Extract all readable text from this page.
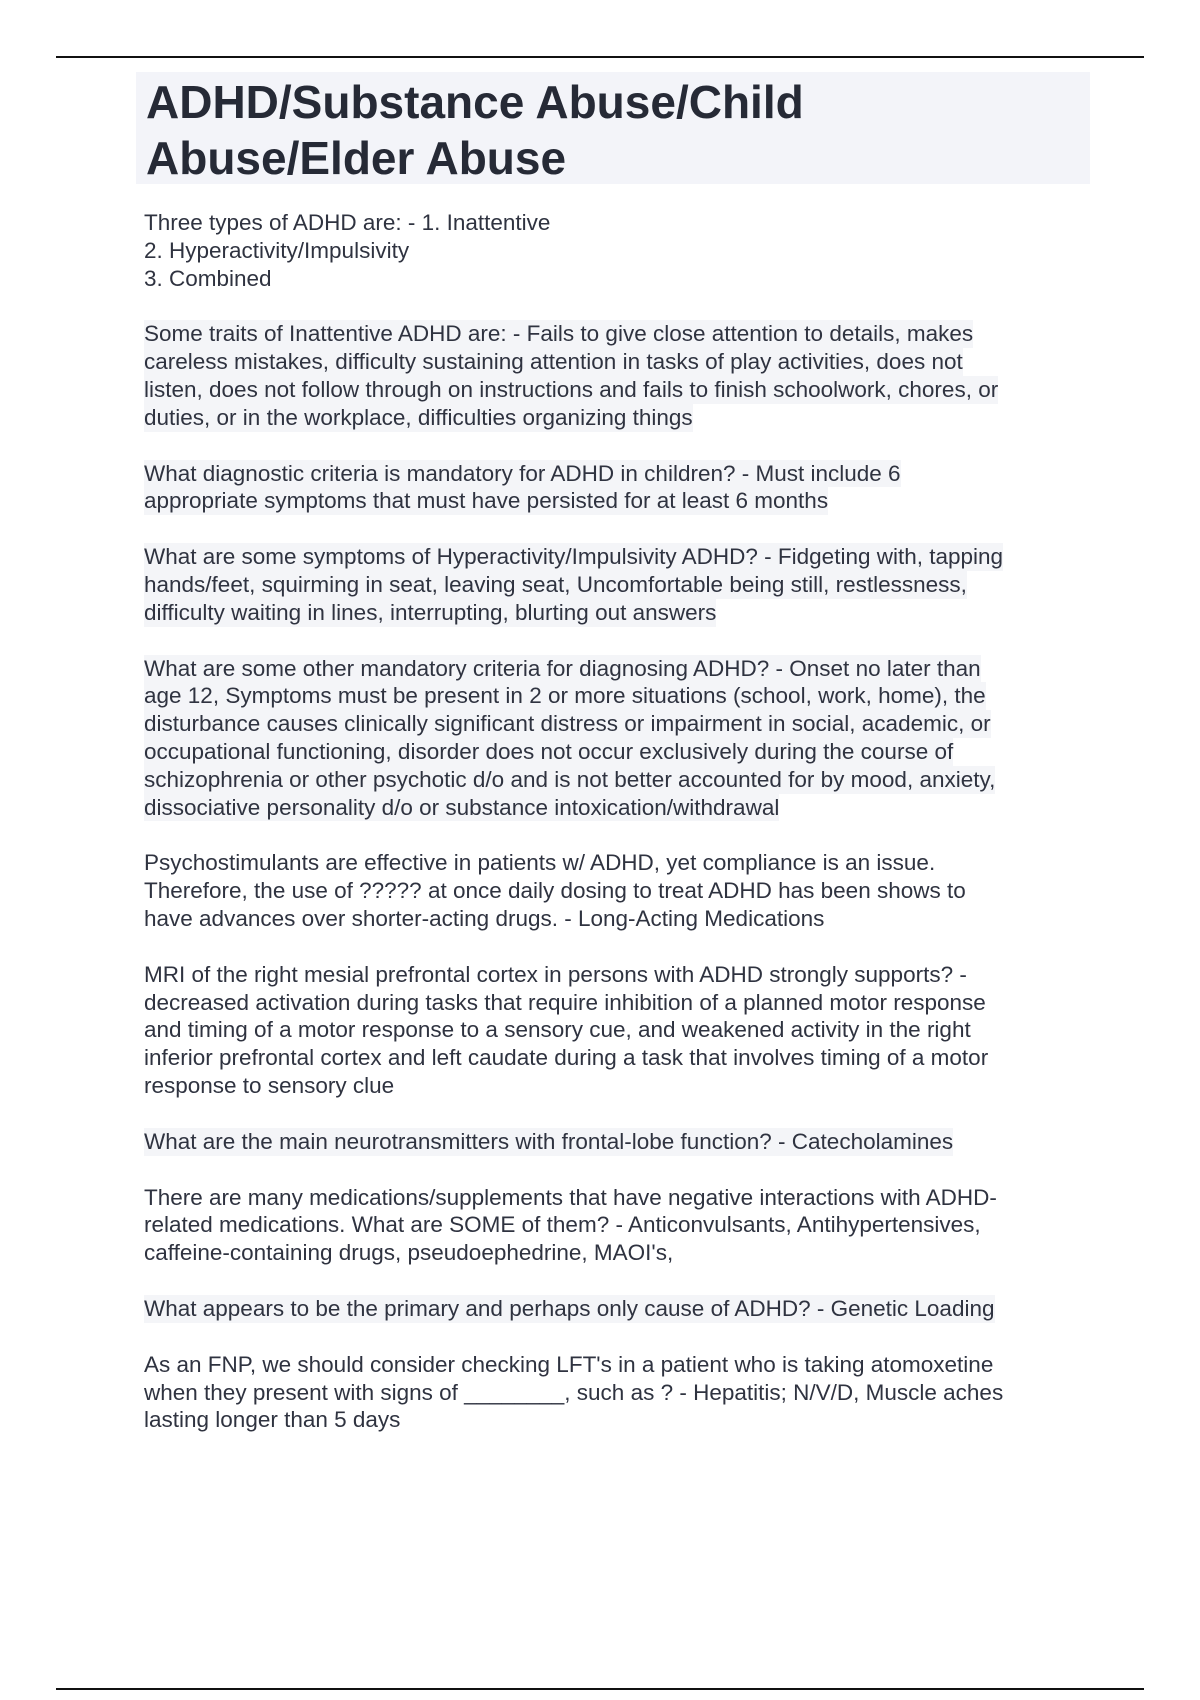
ADHD/Substance Abuse/Child
Abuse/Elder Abuse
Three types of ADHD are: - 1. Inattentive
2. Hyperactivity/Impulsivity
3. Combined
Some traits of Inattentive ADHD are: - Fails to give close attention to details, makes
careless mistakes, difficulty sustaining attention in tasks of play activities, does not
listen, does not follow through on instructions and fails to finish schoolwork, chores, or
duties, or in the workplace, difficulties organizing things
What diagnostic criteria is mandatory for ADHD in children? - Must include 6
appropriate symptoms that must have persisted for at least 6 months
What are some symptoms of Hyperactivity/Impulsivity ADHD? - Fidgeting with, tapping
hands/feet, squirming in seat, leaving seat, Uncomfortable being still, restlessness,
difficulty waiting in lines, interrupting, blurting out answers
What are some other mandatory criteria for diagnosing ADHD? - Onset no later than
age 12, Symptoms must be present in 2 or more situations (school, work, home), the
disturbance causes clinically significant distress or impairment in social, academic, or
occupational functioning, disorder does not occur exclusively during the course of
schizophrenia or other psychotic d/o and is not better accounted for by mood, anxiety,
dissociative personality d/o or substance intoxication/withdrawal
Psychostimulants are effective in patients w/ ADHD, yet compliance is an issue.
Therefore, the use of ????? at once daily dosing to treat ADHD has been shows to
have advances over shorter-acting drugs. - Long-Acting Medications
MRI of the right mesial prefrontal cortex in persons with ADHD strongly supports? -
decreased activation during tasks that require inhibition of a planned motor response
and timing of a motor response to a sensory cue, and weakened activity in the right
inferior prefrontal cortex and left caudate during a task that involves timing of a motor
response to sensory clue
What are the main neurotransmitters with frontal-lobe function? - Catecholamines
There are many medications/supplements that have negative interactions with ADHD-
related medications. What are SOME of them? - Anticonvulsants, Antihypertensives,
caffeine-containing drugs, pseudoephedrine, MAOI's,
What appears to be the primary and perhaps only cause of ADHD? - Genetic Loading
As an FNP, we should consider checking LFT's in a patient who is taking atomoxetine
when they present with signs of ________, such as ? - Hepatitis; N/V/D, Muscle aches
lasting longer than 5 days
